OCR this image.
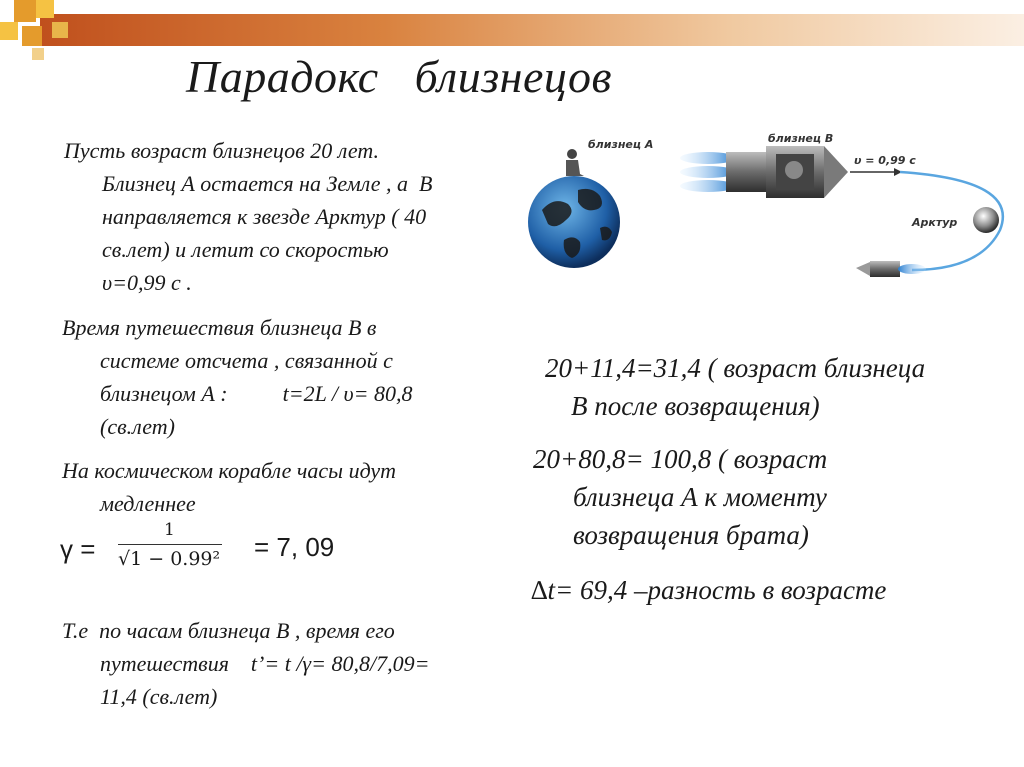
Парадокс   близнецов
Пусть возраст близнецов 20 лет.
Близнец А остается на Земле , а  В
направляется к звезде Арктур ( 40
св.лет) и летит со скоростью
υ=0,99 с .
Время путешествия близнеца В в
системе отсчета , связанной с
близнецом А :          t=2L / υ= 80,8
(св.лет)
На космическом корабле часы идут
медленнее
γ =
1
√1 − 0.99² = 7, 09
Т.е  по часам близнеца В , время его
путешествия    t’= t /γ= 80,8/7,09=
11,4 (св.лет)
близнец А	близнец В
υ = 0,99 с
Арктур
20+11,4=31,4 ( возраст близнеца
В после возвращения)
20+80,8= 100,8 ( возраст
близнеца А к моменту
возвращения брата)
∆t= 69,4 –разность в возрасте
